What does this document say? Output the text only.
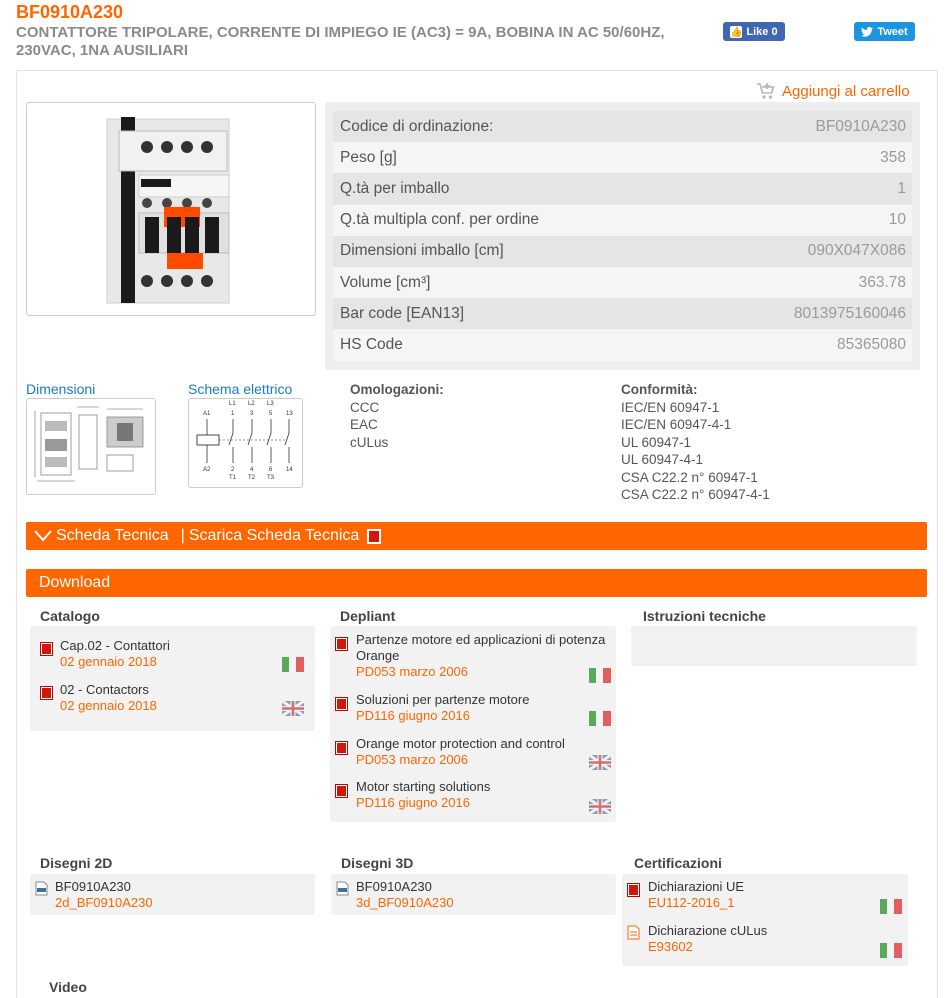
BF0910A230
CONTATTORE TRIPOLARE, CORRENTE DI IMPIEGO IE (AC3) = 9A, BOBINA IN AC 50/60HZ, 230VAC, 1NA AUSILIARI
👍 Like 0	Tweet
Aggiungi al carrello
Codice di ordinazione:	BF0910A230
Peso [g]	358
Q.tà per imballo	1
Q.tà multipla conf. per ordine	10
Dimensioni imballo [cm]	090X047X086
Volume [cm³]	363.78
Bar code [EAN13]	8013975160046
HS Code	85365080
Dimensioni	Schema elettrico
A1
L1 L2 L3
13
1	3	5
A2	2	4	6 14
T1 T2 T3
Omologazioni:
CCC
EAC
cULus
Conformità:
IEC/EN 60947-1
IEC/EN 60947-4-1
UL 60947-1
UL 60947-4-1
CSA C22.2 n° 60947-1
CSA C22.2 n° 60947-4-1
Scheda Tecnica | Scarica Scheda Tecnica
Download
Catalogo
Cap.02 - Contattori
02 gennaio 2018
02 - Contactors
02 gennaio 2018
Depliant
Partenze motore ed applicazioni di potenza Orange
PD053 marzo 2006
Soluzioni per partenze motore
PD116 giugno 2016
Orange motor protection and control
PD053 marzo 2006
Motor starting solutions
PD116 giugno 2016
Istruzioni tecniche
Disegni 2D
BF0910A230
2d_BF0910A230
Disegni 3D
BF0910A230
3d_BF0910A230
Certificazioni
Dichiarazioni UE
EU112-2016_1
Dichiarazione cULus
E93602
Video
